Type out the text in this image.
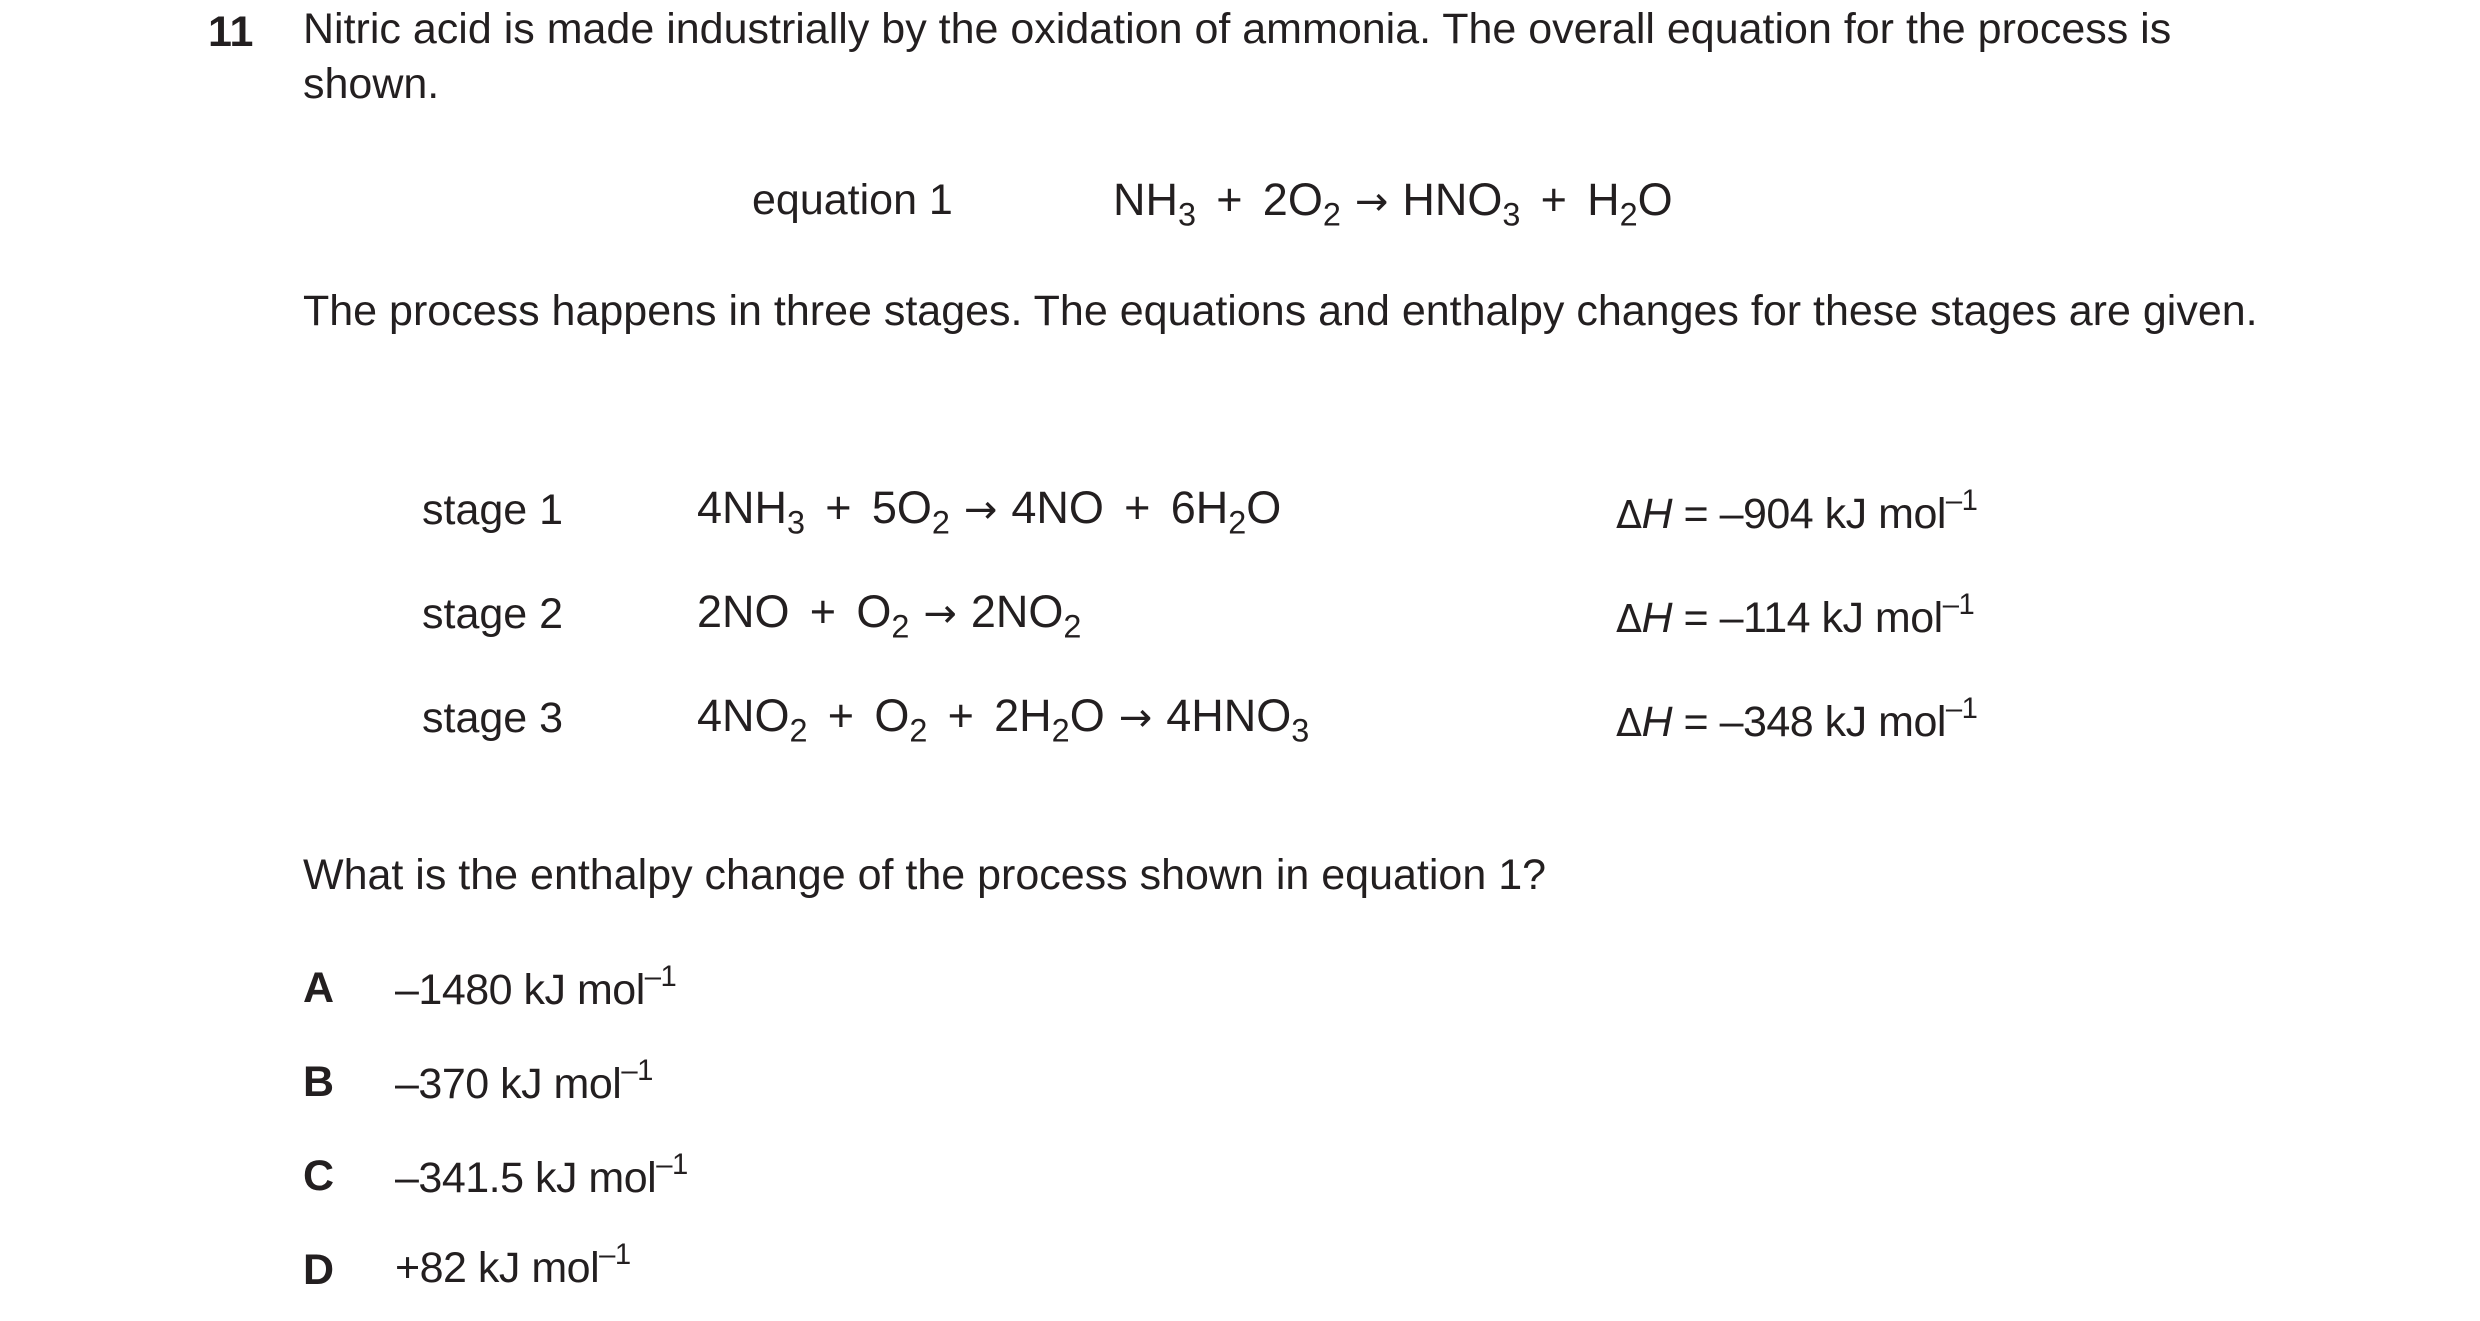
11 Nitric acid is made industrially by the oxidation of ammonia. The overall equation for the process is shown.
equation 1	$NH_3 + 2O_2 \to HNO_3 + H_2O$
The process happens in three stages. The equations and enthalpy changes for these stages are given.
stage 1	$4NH_3 + 5O_2 \to 4NO + 6H_2O$	ΔH = –904 kJ mol$^{-1}$
stage 2	$2NO + O_2 \to 2NO_2$	ΔH = –114 kJ mol$^{-1}$
stage 3	$4NO_2 + O_2 + 2H_2O \to 4HNO_3$	ΔH = –348 kJ mol$^{-1}$
What is the enthalpy change of the process shown in equation 1?
A –1480 kJ mol$^{-1}$
B –370 kJ mol$^{-1}$
C –341.5 kJ mol$^{-1}$
D +82 kJ mol$^{-1}$
